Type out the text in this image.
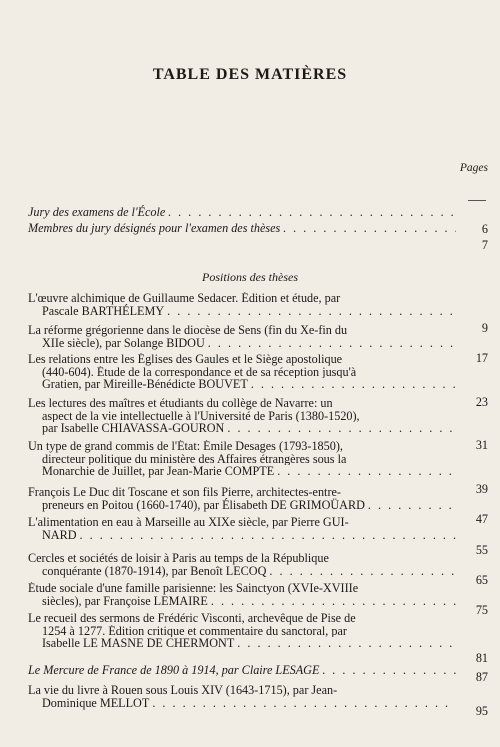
TABLE DES MATIÈRES
Pages
Jury des examens de l'École
. . .
6
Membres du jury désignés pour l'examen des thèses
. . .
7
Positions des thèses
L'œuvre alchimique de Guillaume Sedacer. Édition et étude, par
Pascale BARTHÉLEMY
. . .
9
La réforme grégorienne dans le diocèse de Sens (fin du Xe-fin du
XIIe siècle), par Solange BIDOU
. . .
17
Les relations entre les Églises des Gaules et le Siège apostolique
(440-604). Étude de la correspondance et de sa réception jusqu'à
Gratien, par Mireille-Bénédicte BOUVET
. . .
23
Les lectures des maîtres et étudiants du collège de Navarre: un
aspect de la vie intellectuelle à l'Université de Paris (1380-1520),
par Isabelle CHIAVASSA-GOURON
. . .
31
Un type de grand commis de l'État: Émile Desages (1793-1850),
directeur politique du ministère des Affaires étrangères sous la
Monarchie de Juillet, par Jean-Marie COMPTE
. . .
39
François Le Duc dit Toscane et son fils Pierre, architectes-entre-
preneurs en Poitou (1660-1740), par Élisabeth DE GRIMOÜARD
. . .
47
L'alimentation en eau à Marseille au XIXe siècle, par Pierre GUI-
NARD
. . .
55
Cercles et sociétés de loisir à Paris au temps de la République
conquérante (1870-1914), par Benoît LECOQ
. . .
65
Étude sociale d'une famille parisienne: les Sainctyon (XVIe-XVIIIe
siècles), par Françoise LEMAIRE
. . .
75
Le recueil des sermons de Frédéric Visconti, archevêque de Pise de
1254 à 1277. Édition critique et commentaire du sanctoral, par
Isabelle LE MASNE DE CHERMONT
. . .
81
Le Mercure de France de 1890 à 1914, par Claire LESAGE
. . .	87
La vie du livre à Rouen sous Louis XIV (1643-1715), par Jean-
Dominique MELLOT
. . .
95
